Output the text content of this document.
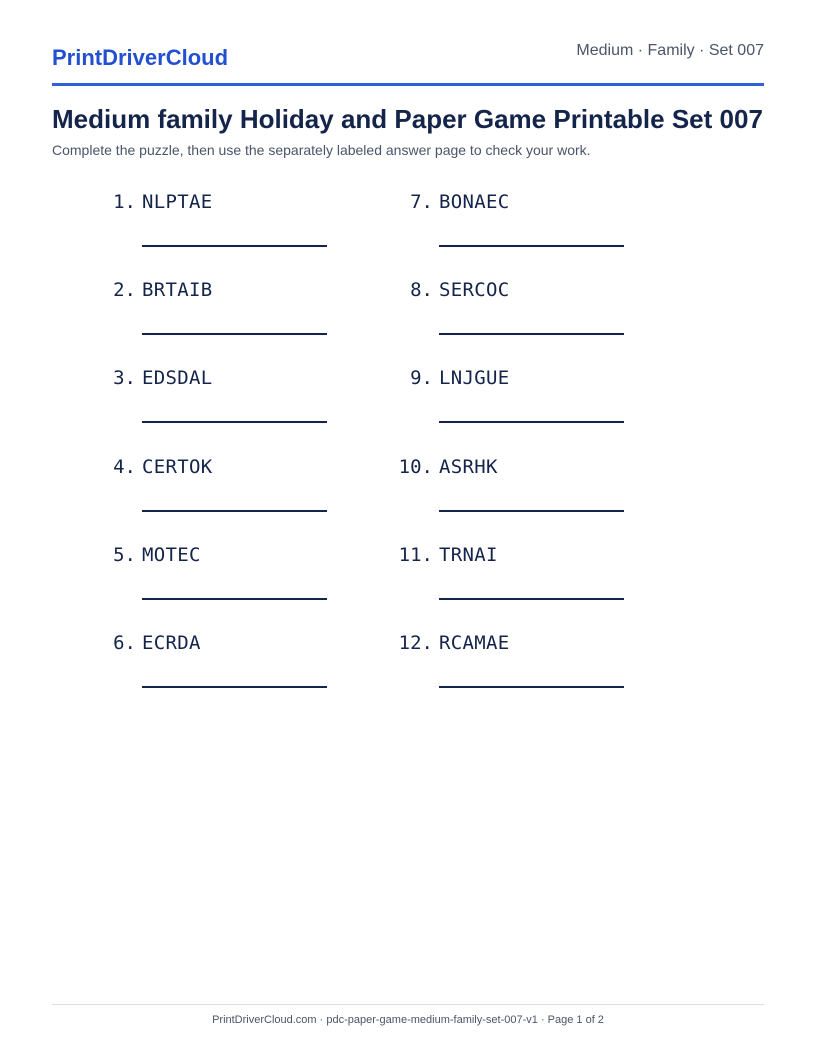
PrintDriverCloud	Medium · Family · Set 007
Medium family Holiday and Paper Game Printable Set 007

Complete the puzzle, then use the separately labeled answer page to check your work.

1. NLPTAE
2. BRTAIB
3. EDSDAL
4. CERTOK
5. MOTEC
6. ECRDA
7. BONAEC
8. SERCOC
9. LNJGUE
10. ASRHK
11. TRNAI
12. RCAMAE
PrintDriverCloud.com · pdc-paper-game-medium-family-set-007-v1 · Page 1 of 2
